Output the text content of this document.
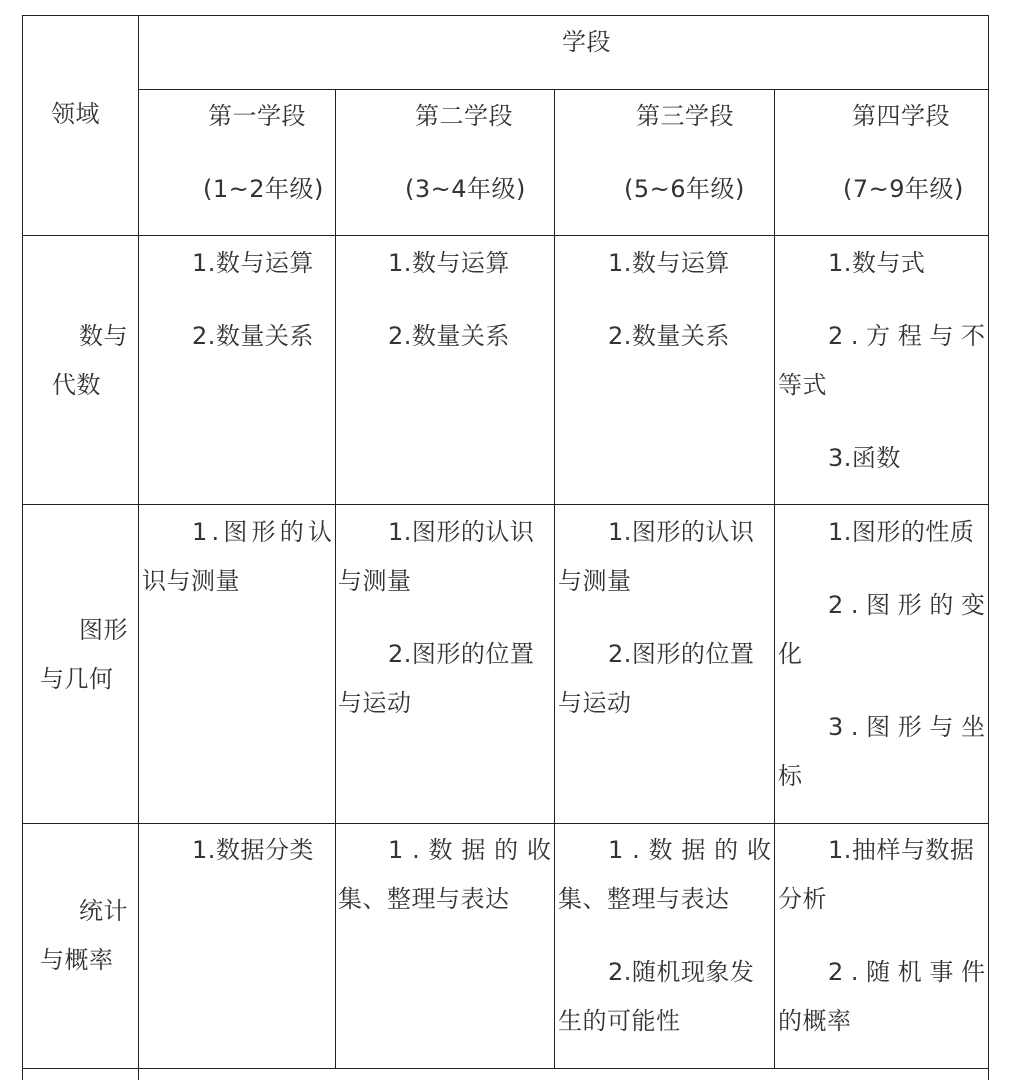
学段
领域	第一学段
(1~2年级)
第二学段
(3~4年级)
第三学段
(5~6年级)
第四学段
(7~9年级)
数与
代数
1.数与运算
2.数量关系
1.数与运算
2.数量关系
1.数与运算
2.数量关系
1.数与式
2 . 方 程 与 不
等式
3.函数
图形
与几何
1 . 图 形 的 认
识与测量
1.图形的认识
与测量
2.图形的位置
与运动
1.图形的认识
与测量
2.图形的位置
与运动
1.图形的性质
2 . 图 形 的 变
化
3 . 图 形 与 坐
标
统计
与概率
1.数据分类	1 . 数 据 的 收
集、整理与表达
1 . 数 据 的 收
集、整理与表达
2.随机现象发
生的可能性
1.抽样与数据
分析
2 . 随 机 事 件
的概率
